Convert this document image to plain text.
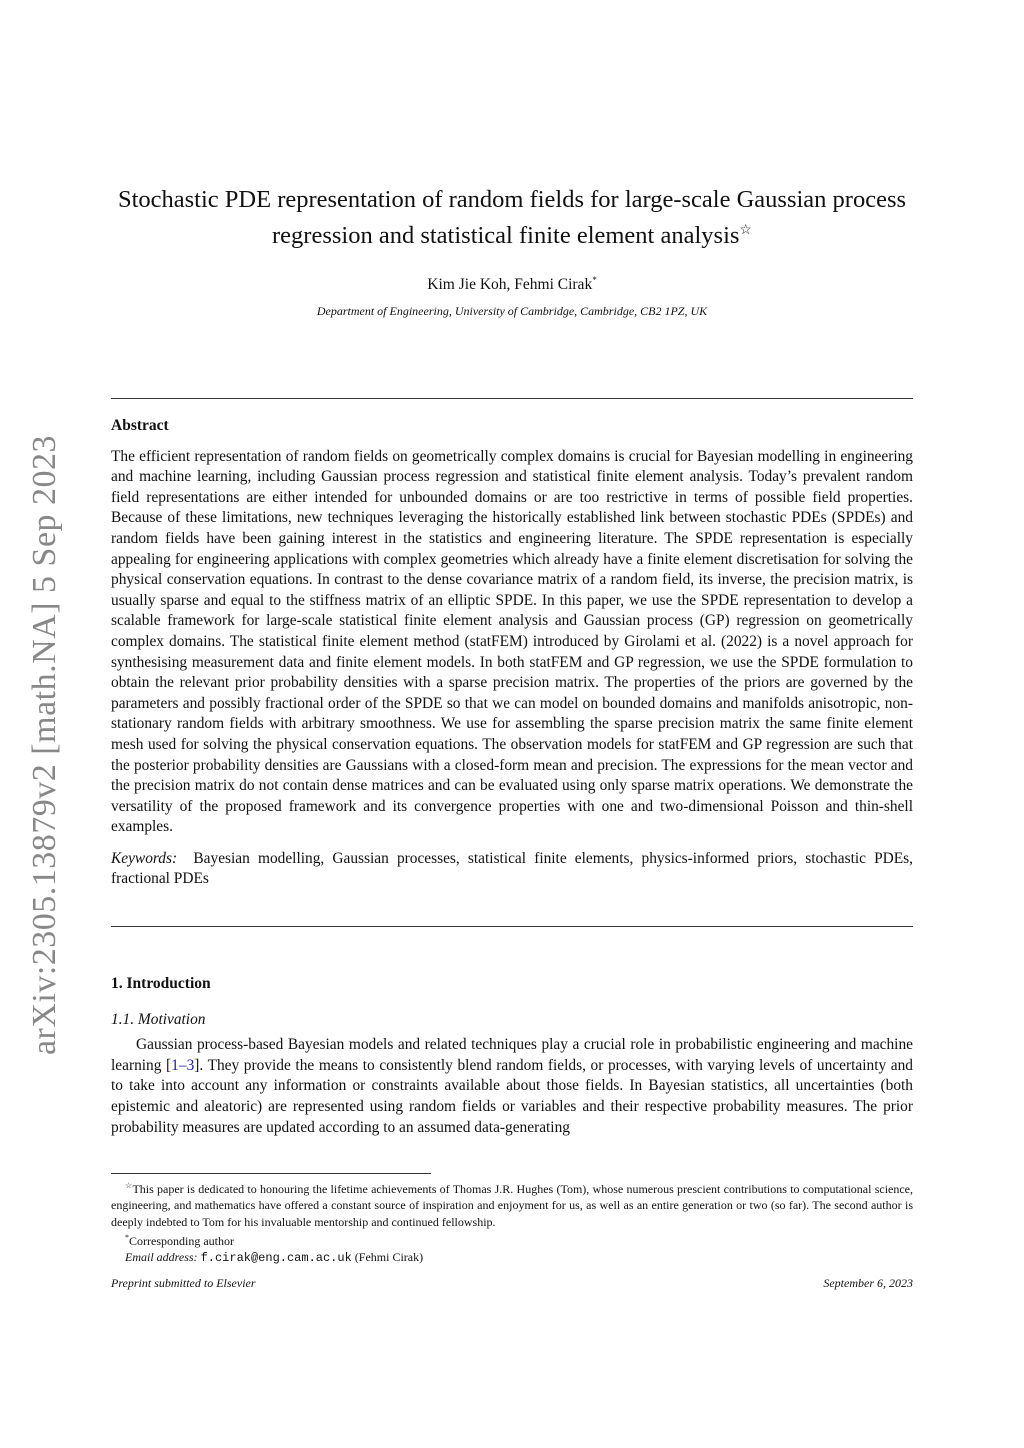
arXiv:2305.13879v2 [math.NA] 5 Sep 2023
Stochastic PDE representation of random fields for large-scale Gaussian process regression and statistical finite element analysis☆
Kim Jie Koh, Fehmi Cirak*
Department of Engineering, University of Cambridge, Cambridge, CB2 1PZ, UK
Abstract

The efficient representation of random fields on geometrically complex domains is crucial for Bayesian modelling in engineering and machine learning, including Gaussian process regression and statistical finite element analysis. Today’s prevalent random field representations are either intended for unbounded domains or are too restrictive in terms of possible field properties. Because of these limitations, new techniques leveraging the historically established link between stochastic PDEs (SPDEs) and random fields have been gaining interest in the statistics and engineering literature. The SPDE representation is especially appealing for engineering applications with complex geometries which already have a finite element discretisation for solving the physical conservation equations. In contrast to the dense covariance matrix of a random field, its inverse, the precision matrix, is usually sparse and equal to the stiffness matrix of an elliptic SPDE. In this paper, we use the SPDE representation to develop a scalable framework for large-scale statistical finite element analysis and Gaussian process (GP) regression on geometrically complex domains. The statistical finite element method (statFEM) introduced by Girolami et al. (2022) is a novel approach for synthesising measurement data and finite element models. In both statFEM and GP regression, we use the SPDE formulation to obtain the relevant prior probability densities with a sparse precision matrix. The properties of the priors are governed by the parameters and possibly fractional order of the SPDE so that we can model on bounded domains and manifolds anisotropic, non-stationary random fields with arbitrary smoothness. We use for assembling the sparse precision matrix the same finite element mesh used for solving the physical conservation equations. The observation models for statFEM and GP regression are such that the posterior probability densities are Gaussians with a closed-form mean and precision. The expressions for the mean vector and the precision matrix do not contain dense matrices and can be evaluated using only sparse matrix operations. We demonstrate the versatility of the proposed framework and its convergence properties with one and two-dimensional Poisson and thin-shell examples.

Keywords: Bayesian modelling, Gaussian processes, statistical finite elements, physics-informed priors, stochastic PDEs, fractional PDEs

1. Introduction

1.1. Motivation

Gaussian process-based Bayesian models and related techniques play a crucial role in probabilistic engineering and machine learning [1–3]. They provide the means to consistently blend random fields, or processes, with varying levels of uncertainty and to take into account any information or constraints available about those fields. In Bayesian statistics, all uncertainties (both epistemic and aleatoric) are represented using random fields or variables and their respective probability measures. The prior probability measures are updated according to an assumed data-generating

☆This paper is dedicated to honouring the lifetime achievements of Thomas J.R. Hughes (Tom), whose numerous prescient contributions to computational science, engineering, and mathematics have offered a constant source of inspiration and enjoyment for us, as well as an entire generation or two (so far). The second author is deeply indebted to Tom for his invaluable mentorship and continued fellowship.

*Corresponding author

Email address: f.cirak@eng.cam.ac.uk (Fehmi Cirak)

Preprint submitted to Elsevier	September 6, 2023
